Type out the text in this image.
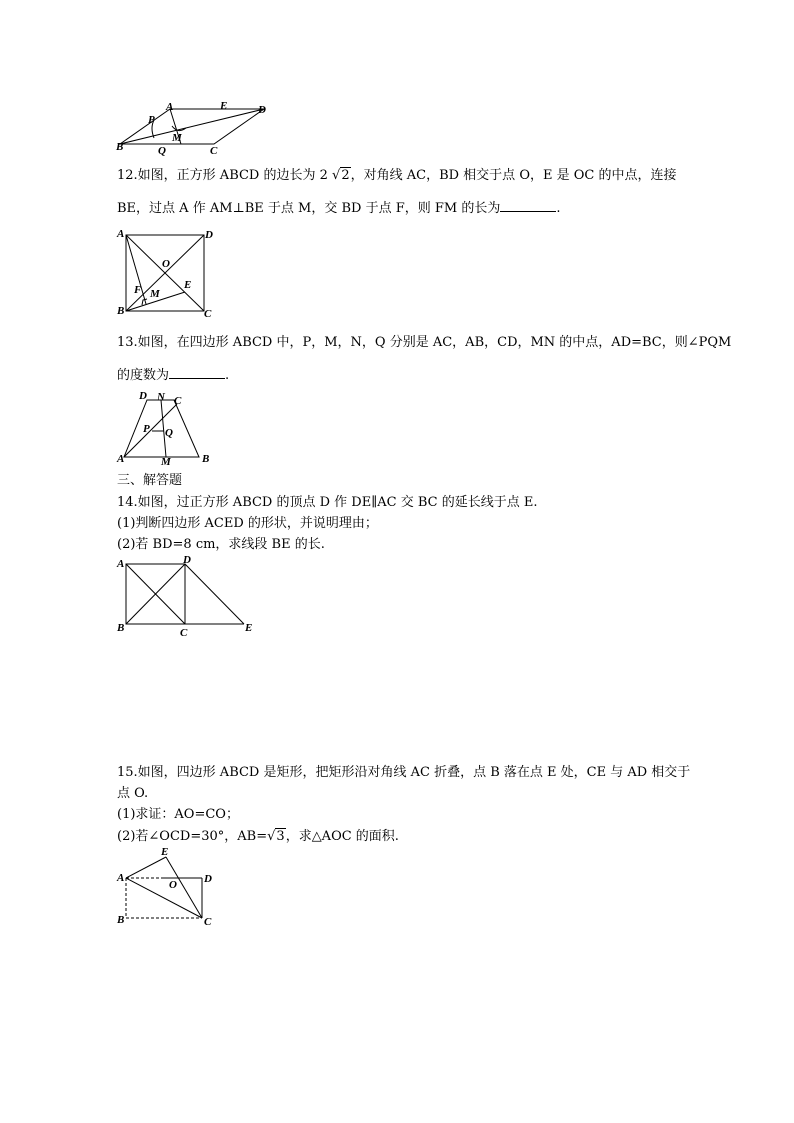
A	E	D
P
M
B	Q	C
12.如图，正方形 ABCD 的边长为 2 √2，对角线 AC，BD 相交于点 O，E 是 OC 的中点，连接
BE，过点 A 作 AM⊥BE 于点 M，交 BD 于点 F，则 FM 的长为	.
A	D
O
E
F M
B	C
13.如图，在四边形 ABCD 中，P，M，N，Q 分别是 AC，AB，CD，MN 的中点，AD=BC，则∠PQM
的度数为	.
D N C
P Q
A	M	B
三、解答题
14.如图，过正方形 ABCD 的顶点 D 作 DE∥AC 交 BC 的延长线于点 E.
(1)判断四边形 ACED 的形状，并说明理由；
(2)若 BD=8 cm，求线段 BE 的长.
A	D
B	C	E
15.如图，四边形 ABCD 是矩形，把矩形沿对角线 AC 折叠，点 B 落在点 E 处，CE 与 AD 相交于
点 O.
(1)求证：AO=CO；
(2)若∠OCD=30°，AB=√3，求△AOC 的面积.
E
A
O D
B	C
